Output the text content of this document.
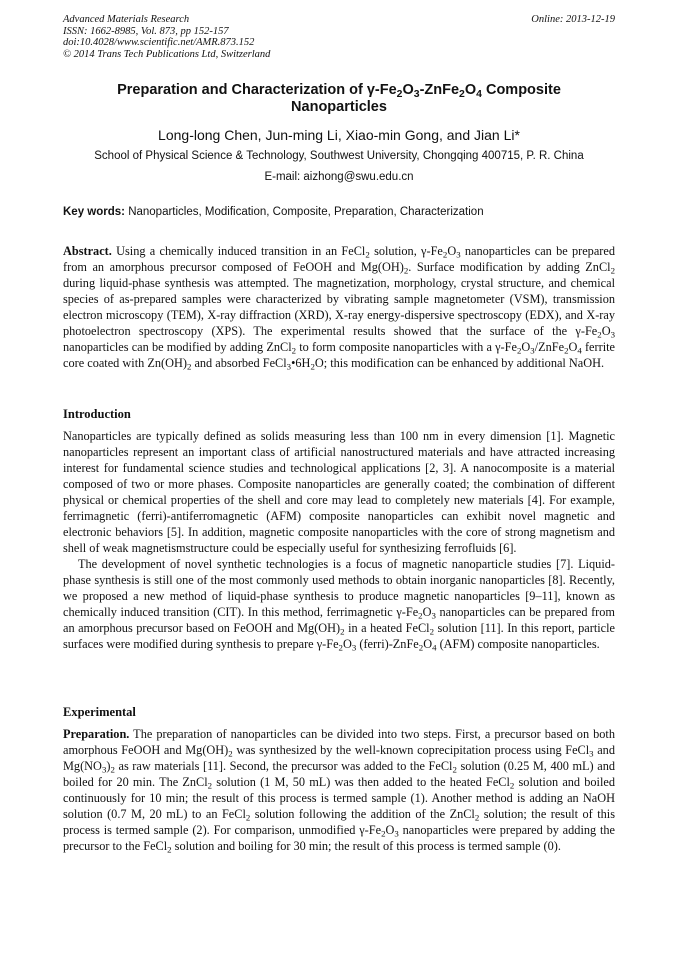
Advanced Materials Research
ISSN: 1662-8985, Vol. 873, pp 152-157
doi:10.4028/www.scientific.net/AMR.873.152
© 2014 Trans Tech Publications Ltd, Switzerland
Online: 2013-12-19
Preparation and Characterization of $\gamma-Fe_2O_3-ZnFe_2O_4$ Composite
Nanoparticles
Long-long Chen, Jun-ming Li, Xiao-min Gong, and Jian Li*
School of Physical Science & Technology, Southwest University, Chongqing 400715, P. R. China
E-mail: aizhong@swu.edu.cn
Key words: Nanoparticles, Modification, Composite, Preparation, Characterization

Abstract. Using a chemically induced transition in an FeCl$_2$ solution, $\gamma-Fe_2O_3$ nanoparticles can be prepared from an amorphous precursor composed of FeOOH and $Mg(OH)_2$. Surface modification by adding ZnCl$_2$ during liquid-phase synthesis was attempted. The magnetization, morphology, crystal structure, and chemical species of as-prepared samples were characterized by vibrating sample magnetometer (VSM), transmission electron microscopy (TEM), X-ray diffraction (XRD), X-ray energy-dispersive spectroscopy (EDX), and X-ray photoelectron spectroscopy (XPS). The experimental results showed that the surface of the $\gamma-Fe_2O_3$ nanoparticles can be modified by adding ZnCl$_2$ to form composite nanoparticles with a $\gamma-Fe_2O_3/ZnFe_2O_4$ ferrite core coated with $Zn(OH)_2$ and absorbed $FeCl_3•6H_2O$; this modification can be enhanced by additional NaOH.

Introduction

Nanoparticles are typically defined as solids measuring less than 100 nm in every dimension [1]. Magnetic nanoparticles represent an important class of artificial nanostructured materials and have attracted increasing interest for fundamental science studies and technological applications [2, 3]. A nanocomposite is a material composed of two or more phases. Composite nanoparticles are generally coated; the combination of different physical or chemical properties of the shell and core may lead to completely new materials [4]. For example, ferrimagnetic (ferri)-antiferromagnetic (AFM) composite nanoparticles can exhibit novel magnetic and electronic behaviors [5]. In addition, magnetic composite nanoparticles with the core of strong magnetism and shell of weak magnetismstructure could be especially useful for synthesizing ferrofluids [6].

The development of novel synthetic technologies is a focus of magnetic nanoparticle studies [7]. Liquid-phase synthesis is still one of the most commonly used methods to obtain inorganic nanoparticles [8]. Recently, we proposed a new method of liquid-phase synthesis to produce magnetic nanoparticles [9–11], known as chemically induced transition (CIT). In this method, ferrimagnetic $\gamma-Fe_2O_3$ nanoparticles can be prepared from an amorphous precursor based on FeOOH and $Mg(OH)_2$ in a heated FeCl$_2$ solution [11]. In this report, particle surfaces were modified during synthesis to prepare $\gamma-Fe_2O_3$ $(ferri)-ZnFe_2O_4$ (AFM) composite nanoparticles.

Experimental

Preparation. The preparation of nanoparticles can be divided into two steps. First, a precursor based on both amorphous FeOOH and $Mg(OH)_2$ was synthesized by the well-known coprecipitation process using FeCl$_3$ and $Mg(NO_3)_2$ as raw materials [11]. Second, the precursor was added to the FeCl$_2$ solution (0.25 M, 400 mL) and boiled for 20 min. The ZnCl$_2$ solution (1 M, 50 mL) was then added to the heated FeCl$_2$ solution and boiled continuously for 10 min; the result of this process is termed sample (1). Another method is adding an NaOH solution (0.7 M, 20 mL) to an FeCl$_2$ solution following the addition of the ZnCl$_2$ solution; the result of this process is termed sample (2). For comparison, unmodified $\gamma-Fe_2O_3$ nanoparticles were prepared by adding the precursor to the FeCl$_2$ solution and boiling for 30 min; the result of this process is termed sample (0).
